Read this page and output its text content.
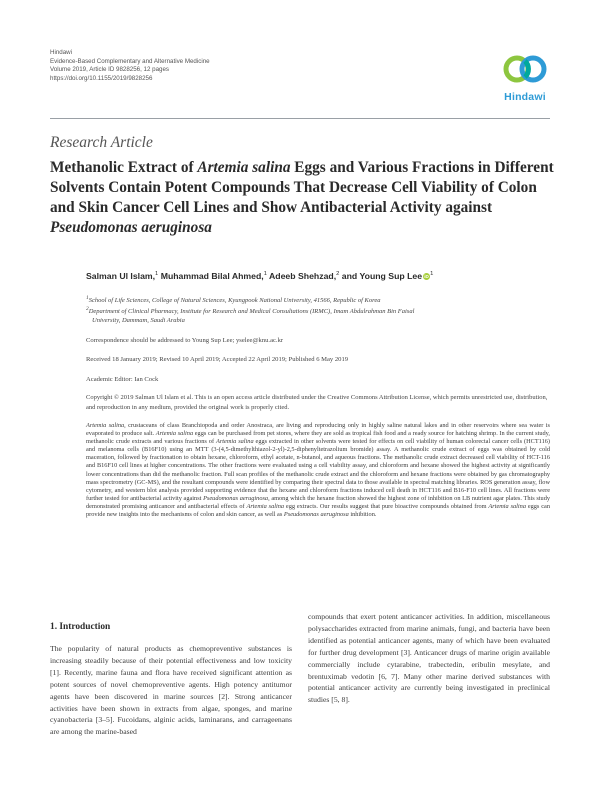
Hindawi
Evidence-Based Complementary and Alternative Medicine
Volume 2019, Article ID 9828256, 12 pages
https://doi.org/10.1155/2019/9828256
Hindawi
Research Article
Methanolic Extract of Artemia salina Eggs and Various Fractions in Different Solvents Contain Potent Compounds That Decrease Cell Viability of Colon and Skin Cancer Cell Lines and Show Antibacterial Activity against Pseudomonas aeruginosa
Salman Ul Islam,$^1$ Muhammad Bilal Ahmed,$^1$ Adeeb Shehzad,$^2$ and Young Sup Lee $iD^1$
$^1$School of Life Sciences, College of Natural Sciences, Kyungpook National University, 41566, Republic of Korea
$^2$Department of Clinical Pharmacy, Institute for Research and Medical Consultations (IRMC), Imam Abdulrahman Bin Faisal
University, Dammam, Saudi Arabia
Correspondence should be addressed to Young Sup Lee; yselee@knu.ac.kr
Received 18 January 2019; Revised 10 April 2019; Accepted 22 April 2019; Published 6 May 2019
Academic Editor: Ian Cock
Copyright © 2019 Salman Ul Islam et al. This is an open access article distributed under the Creative Commons Attribution License, which permits unrestricted use, distribution, and reproduction in any medium, provided the original work is properly cited.
Artemia salina, crustaceans of class Branchiopoda and order Anostraca, are living and reproducing only in highly saline natural lakes and in other reservoirs where sea water is evaporated to produce salt. Artemia salina eggs can be purchased from pet stores, where they are sold as tropical fish food and a ready source for hatching shrimp. In the current study, methanolic crude extracts and various fractions of Artemia salina eggs extracted in other solvents were tested for effects on cell viability of human colorectal cancer cells (HCT116) and melanoma cells (B16F10) using an MTT (3-(4,5-dimethylthiazol-2-yl)-2,5-diphenyltetrazolium bromide) assay. A methanolic crude extract of eggs was obtained by cold maceration, followed by fractionation to obtain hexane, chloroform, ethyl acetate, n-butanol, and aqueous fractions. The methanolic crude extract decreased cell viability of HCT-116 and B16F10 cell lines at higher concentrations. The other fractions were evaluated using a cell viability assay, and chloroform and hexane showed the highest activity at significantly lower concentrations than did the methanolic fraction. Full scan profiles of the methanolic crude extract and the chloroform and hexane fractions were obtained by gas chromatography mass spectrometry (GC-MS), and the resultant compounds were identified by comparing their spectral data to those available in spectral matching libraries. ROS generation assay, flow cytometry, and western blot analysis provided supporting evidence that the hexane and chloroform fractions induced cell death in HCT116 and B16-F10 cell lines. All fractions were further tested for antibacterial activity against Pseudomonas aeruginosa, among which the hexane fraction showed the highest zone of inhibition on LB nutrient agar plates. This study demonstrated promising anticancer and antibacterial effects of Artemia salina egg extracts. Our results suggest that pure bioactive compounds obtained from Artemia salina eggs can provide new insights into the mechanisms of colon and skin cancer, as well as Pseudomonas aeruginosa inhibition.
1. Introduction
The popularity of natural products as chemopreventive substances is increasing steadily because of their potential effectiveness and low toxicity [1]. Recently, marine fauna and flora have received significant attention as potent sources of novel chemopreventive agents. High potency antitumor agents have been discovered in marine sources [2]. Strong anticancer activities have been shown in extracts from algae, sponges, and marine cyanobacteria [3–5]. Fucoidans, alginic acids, laminarans, and carrageenans are among the marine-based
compounds that exert potent anticancer activities. In addition, miscellaneous polysaccharides extracted from marine animals, fungi, and bacteria have been identified as potential anticancer agents, many of which have been evaluated for further drug development [3]. Anticancer drugs of marine origin available commercially include cytarabine, trabectedin, eribulin mesylate, and brentuximab vedotin [6, 7]. Many other marine derived substances with potential anticancer activity are currently being investigated in preclinical studies [5, 8].
